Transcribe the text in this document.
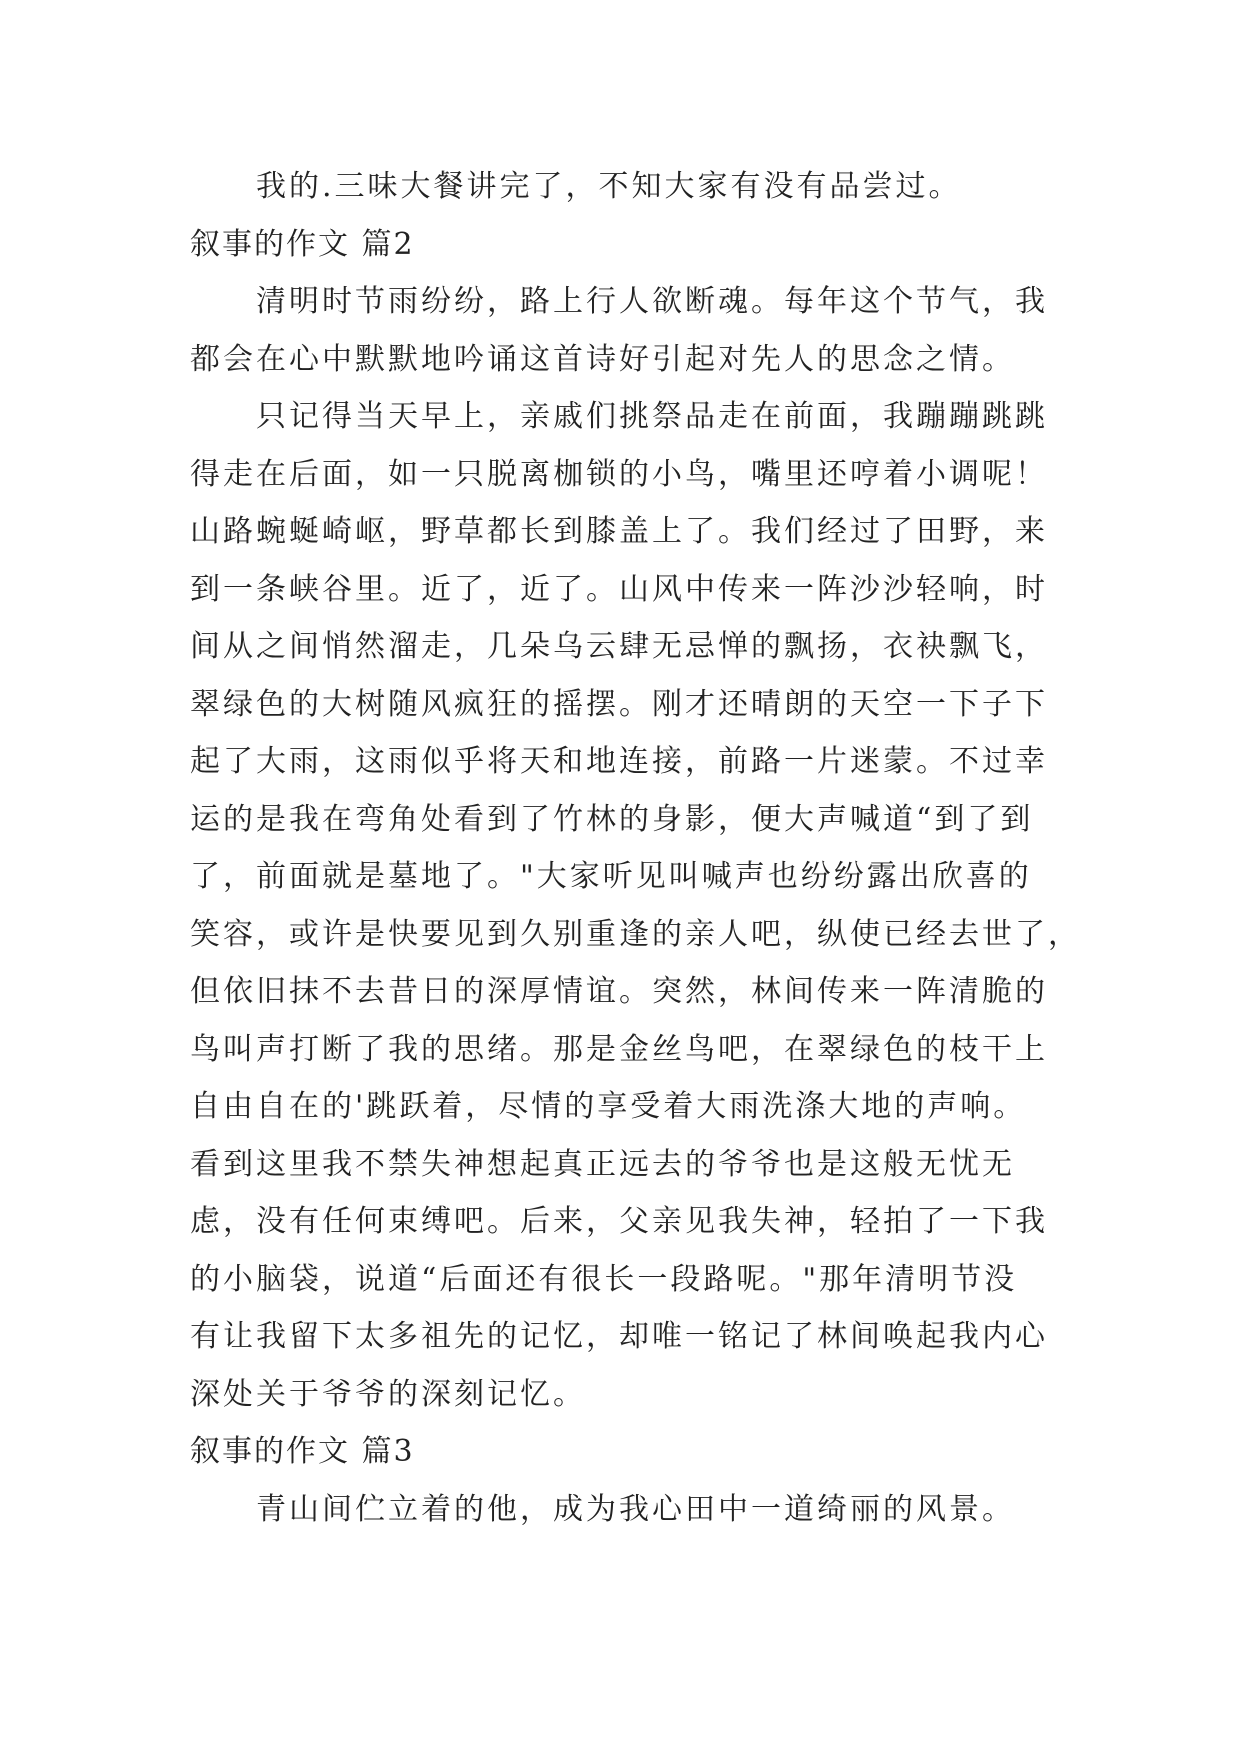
我的.三味大餐讲完了，不知大家有没有品尝过。
叙事的作文 篇2
清明时节雨纷纷，路上行人欲断魂。每年这个节气，我
都会在心中默默地吟诵这首诗好引起对先人的思念之情。
只记得当天早上，亲戚们挑祭品走在前面，我蹦蹦跳跳
得走在后面，如一只脱离枷锁的小鸟，嘴里还哼着小调呢！
山路蜿蜒崎岖，野草都长到膝盖上了。我们经过了田野，来
到一条峡谷里。近了，近了。山风中传来一阵沙沙轻响，时
间从之间悄然溜走，几朵乌云肆无忌惮的飘扬，衣袂飘飞，
翠绿色的大树随风疯狂的摇摆。刚才还晴朗的天空一下子下
起了大雨，这雨似乎将天和地连接，前路一片迷蒙。不过幸
运的是我在弯角处看到了竹林的身影，便大声喊道“到了到
了，前面就是墓地了。"大家听见叫喊声也纷纷露出欣喜的
笑容，或许是快要见到久别重逢的亲人吧，纵使已经去世了，
但依旧抹不去昔日的深厚情谊。突然，林间传来一阵清脆的
鸟叫声打断了我的思绪。那是金丝鸟吧，在翠绿色的枝干上
自由自在的'跳跃着，尽情的享受着大雨洗涤大地的声响。
看到这里我不禁失神想起真正远去的爷爷也是这般无忧无
虑，没有任何束缚吧。后来，父亲见我失神，轻拍了一下我
的小脑袋，说道“后面还有很长一段路呢。"那年清明节没
有让我留下太多祖先的记忆，却唯一铭记了林间唤起我内心
深处关于爷爷的深刻记忆。
叙事的作文 篇3
青山间伫立着的他，成为我心田中一道绮丽的风景。
